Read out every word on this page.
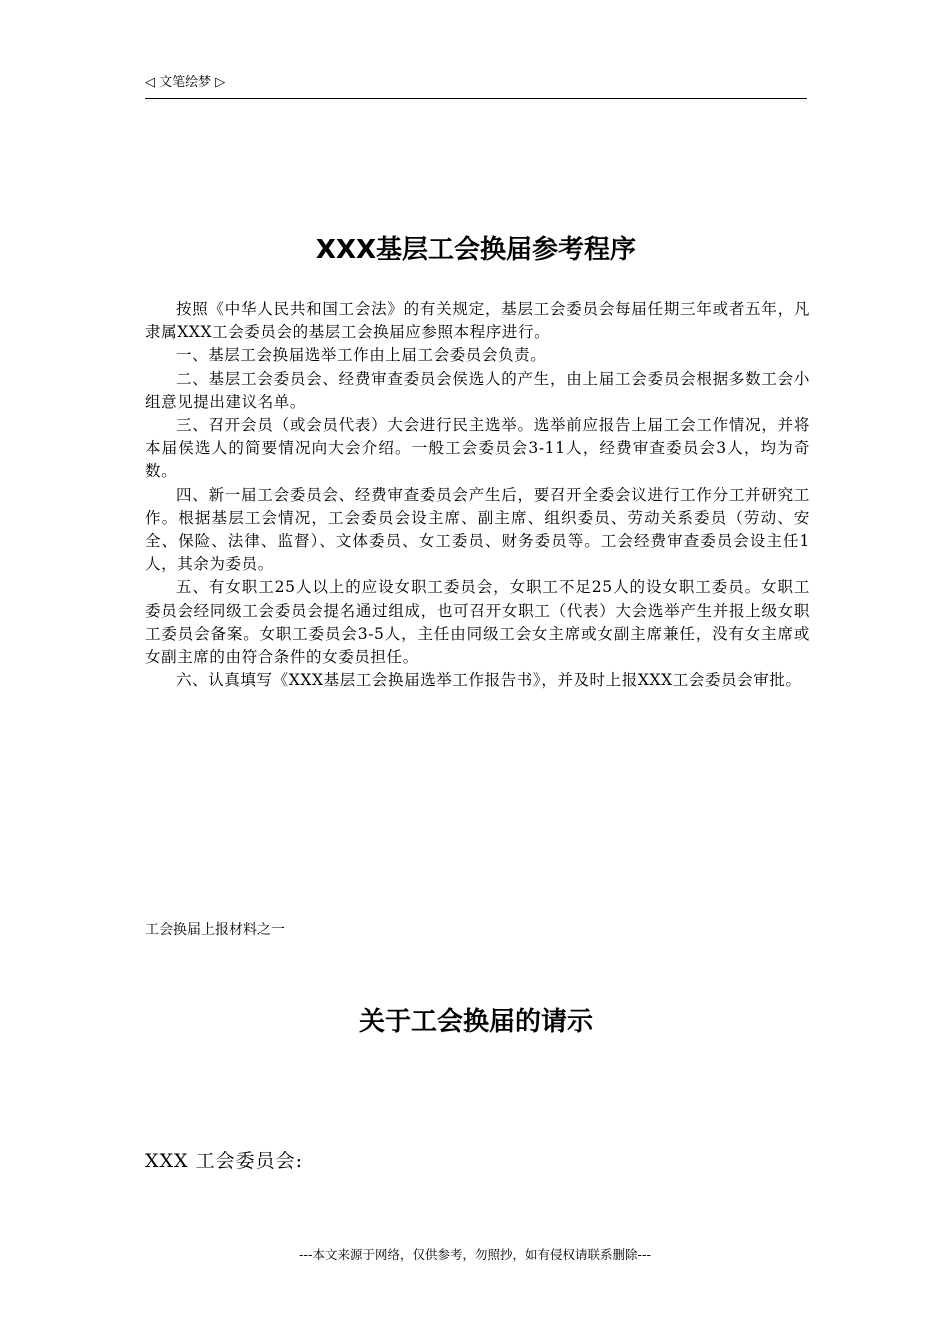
◁ 文笔绘梦 ▷
XXX基层工会换届参考程序

按照《中华人民共和国工会法》的有关规定，基层工会委员会每届任期三年或者五年，凡隶属XXX工会委员会的基层工会换届应参照本程序进行。

一、基层工会换届选举工作由上届工会委员会负责。

二、基层工会委员会、经费审查委员会侯选人的产生，由上届工会委员会根据多数工会小组意见提出建议名单。

三、召开会员（或会员代表）大会进行民主选举。选举前应报告上届工会工作情况，并将本届侯选人的简要情况向大会介绍。一般工会委员会3-11人，经费审查委员会3人，均为奇数。

四、新一届工会委员会、经费审查委员会产生后，要召开全委会议进行工作分工并研究工作。根据基层工会情况，工会委员会设主席、副主席、组织委员、劳动关系委员（劳动、安全、保险、法律、监督）、文体委员、女工委员、财务委员等。工会经费审查委员会设主任1人，其余为委员。

五、有女职工25人以上的应设女职工委员会，女职工不足25人的设女职工委员。女职工委员会经同级工会委员会提名通过组成，也可召开女职工（代表）大会选举产生并报上级女职工委员会备案。女职工委员会3-5人，主任由同级工会女主席或女副主席兼任，没有女主席或女副主席的由符合条件的女委员担任。

六、认真填写《XXX基层工会换届选举工作报告书》，并及时上报XXX工会委员会审批。

工会换届上报材料之一
关于工会换届的请示
XXX 工会委员会:
---本文来源于网络，仅供参考，勿照抄，如有侵权请联系删除---
